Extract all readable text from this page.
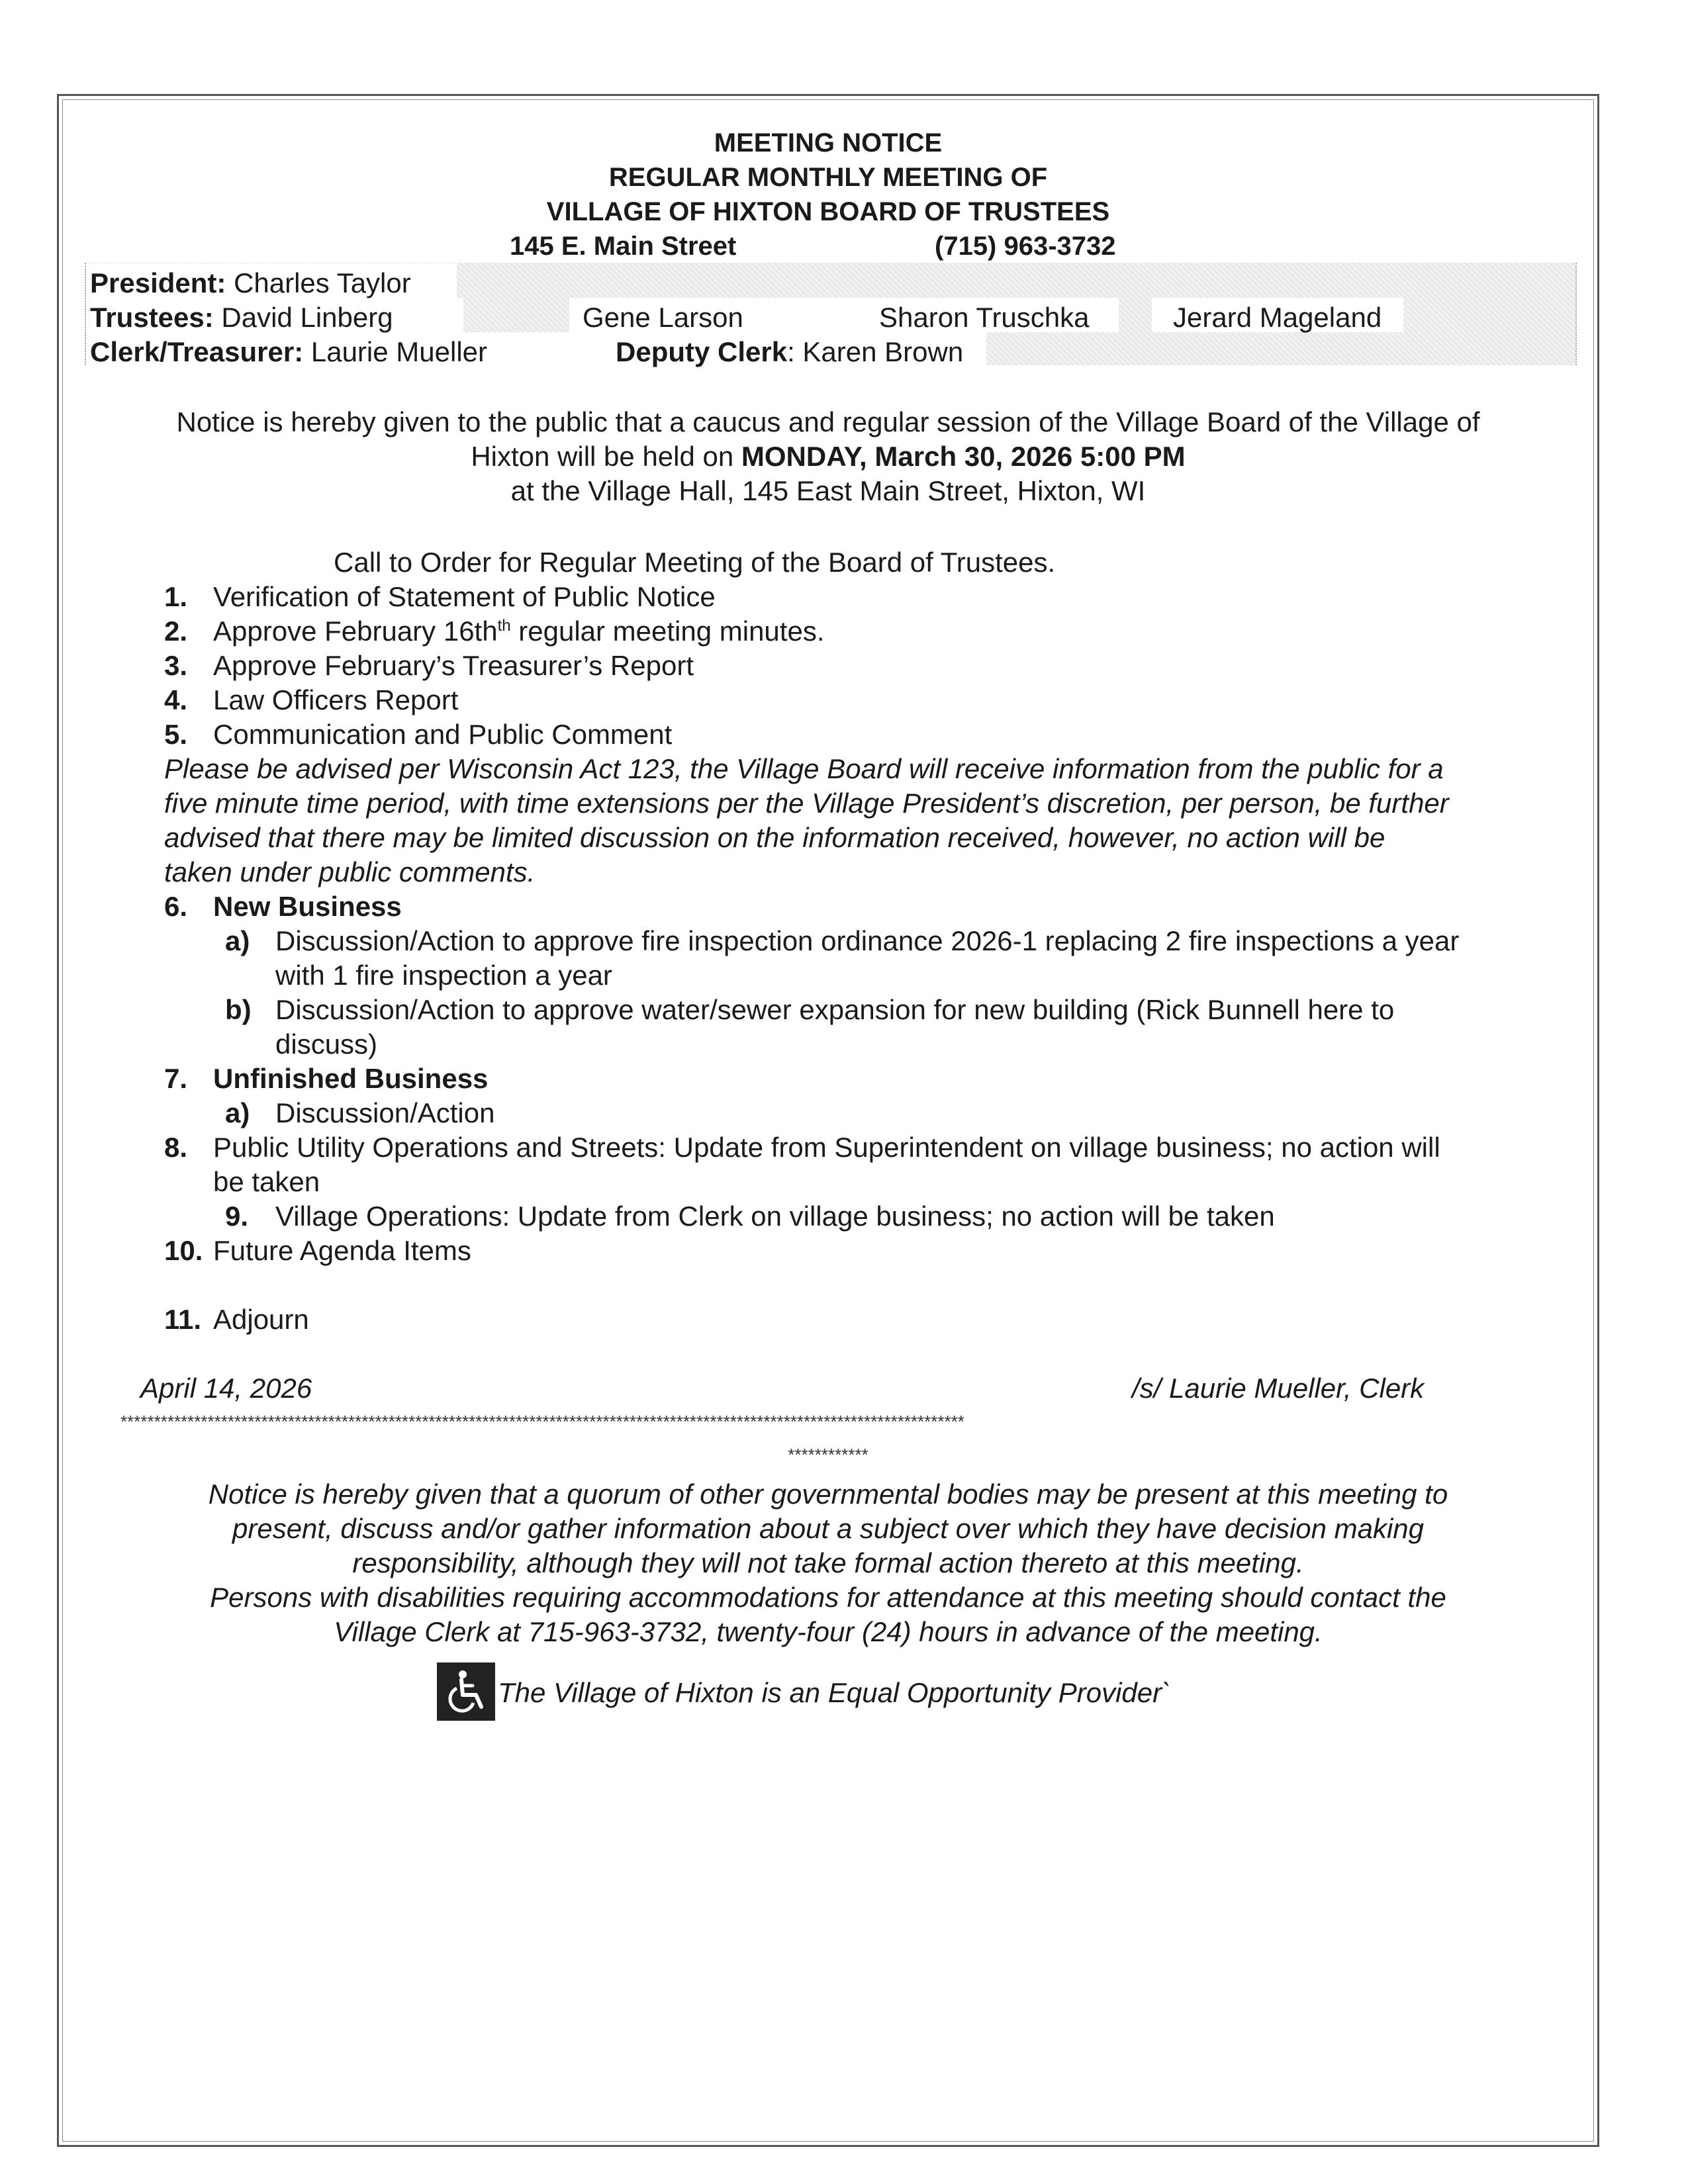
MEETING NOTICE
REGULAR MONTHLY MEETING OF
VILLAGE OF HIXTON BOARD OF TRUSTEES
145 E. Main Street	(715) 963-3732
President: Charles Taylor
Trustees: David Linberg	Gene Larson	Sharon Truschka	Jerard Mageland
Clerk/Treasurer: Laurie Mueller	Deputy Clerk: Karen Brown
Notice is hereby given to the public that a caucus and regular session of the Village Board of the Village of
Hixton will be held on MONDAY, March 30, 2026 5:00 PM
at the Village Hall, 145 East Main Street, Hixton, WI
Call to Order for Regular Meeting of the Board of Trustees.
1. Verification of Statement of Public Notice
2. Approve February $16th^{th}$ regular meeting minutes.
3. Approve February’s Treasurer’s Report
4. Law Officers Report
5. Communication and Public Comment
Please be advised per Wisconsin Act 123, the Village Board will receive information from the public for a
five minute time period, with time extensions per the Village President’s discretion, per person, be further
advised that there may be limited discussion on the information received, however, no action will be
taken under public comments.
6. New Business
a) Discussion/Action to approve fire inspection ordinance 2026-1 replacing 2 fire inspections a year
with 1 fire inspection a year
b) Discussion/Action to approve water/sewer expansion for new building (Rick Bunnell here to
discuss)
7. Unfinished Business
a) Discussion/Action
8. Public Utility Operations and Streets: Update from Superintendent on village business; no action will
be taken
9. Village Operations: Update from Clerk on village business; no action will be taken
10. Future Agenda Items
11. Adjourn
April 14, 2026	/s/ Laurie Mueller, Clerk
******************************************************************************************************************************
************
Notice is hereby given that a quorum of other governmental bodies may be present at this meeting to
present, discuss and/or gather information about a subject over which they have decision making
responsibility, although they will not take formal action thereto at this meeting.
Persons with disabilities requiring accommodations for attendance at this meeting should contact the
Village Clerk at 715-963-3732, twenty-four (24) hours in advance of the meeting.
The Village of Hixton is an Equal Opportunity Provider`
